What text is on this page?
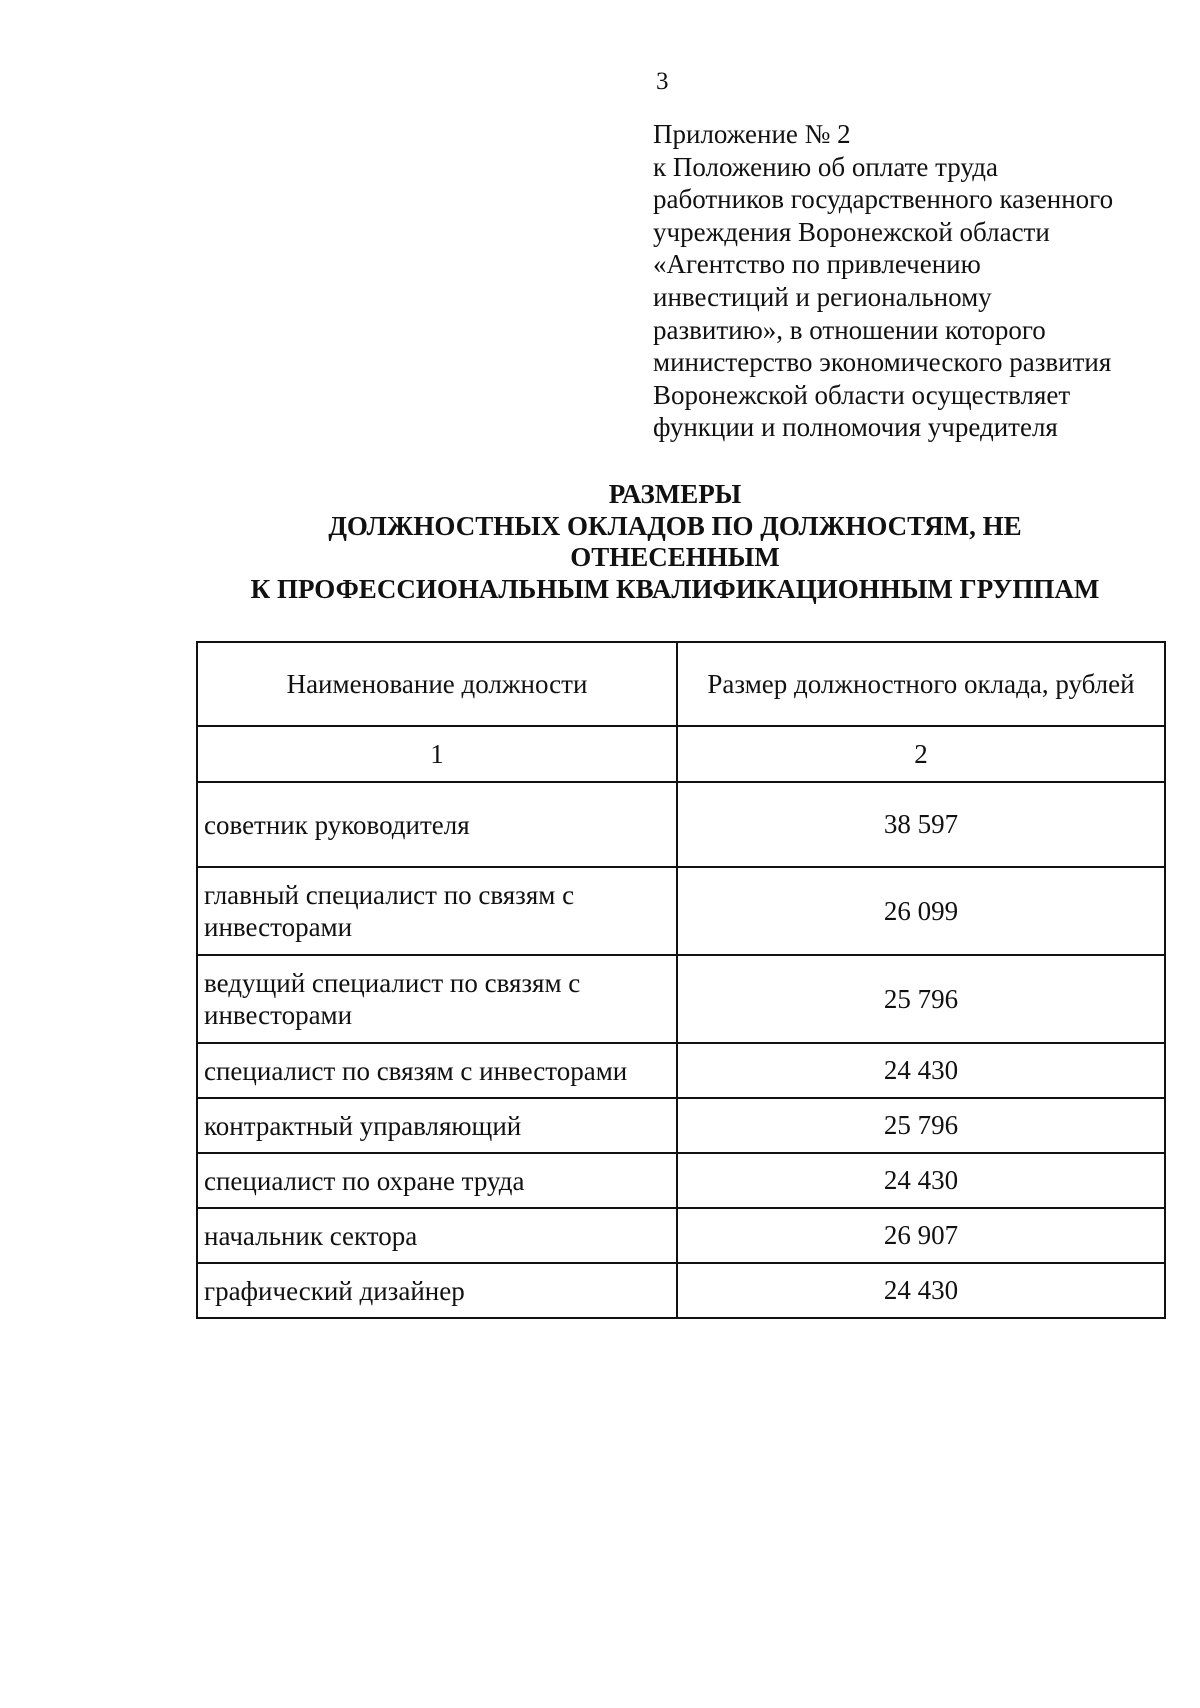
3
Приложение № 2
к Положению об оплате труда
работников государственного казенного
учреждения Воронежской области
«Агентство по привлечению
инвестиций и региональному
развитию», в отношении которого
министерство экономического развития
Воронежской области осуществляет
функции и полномочия учредителя
РАЗМЕРЫ
ДОЛЖНОСТНЫХ ОКЛАДОВ ПО ДОЛЖНОСТЯМ, НЕ
ОТНЕСЕННЫМ
К ПРОФЕССИОНАЛЬНЫМ КВАЛИФИКАЦИОННЫМ ГРУППАМ
Наименование должности	Размер должностного оклада, рублей
1	2
советник руководителя	38 597
главный специалист по связям с инвесторами	26 099
ведущий специалист по связям с инвесторами	25 796
специалист по связям с инвесторами	24 430
контрактный управляющий	25 796
специалист по охране труда	24 430
начальник сектора	26 907
графический дизайнер	24 430
